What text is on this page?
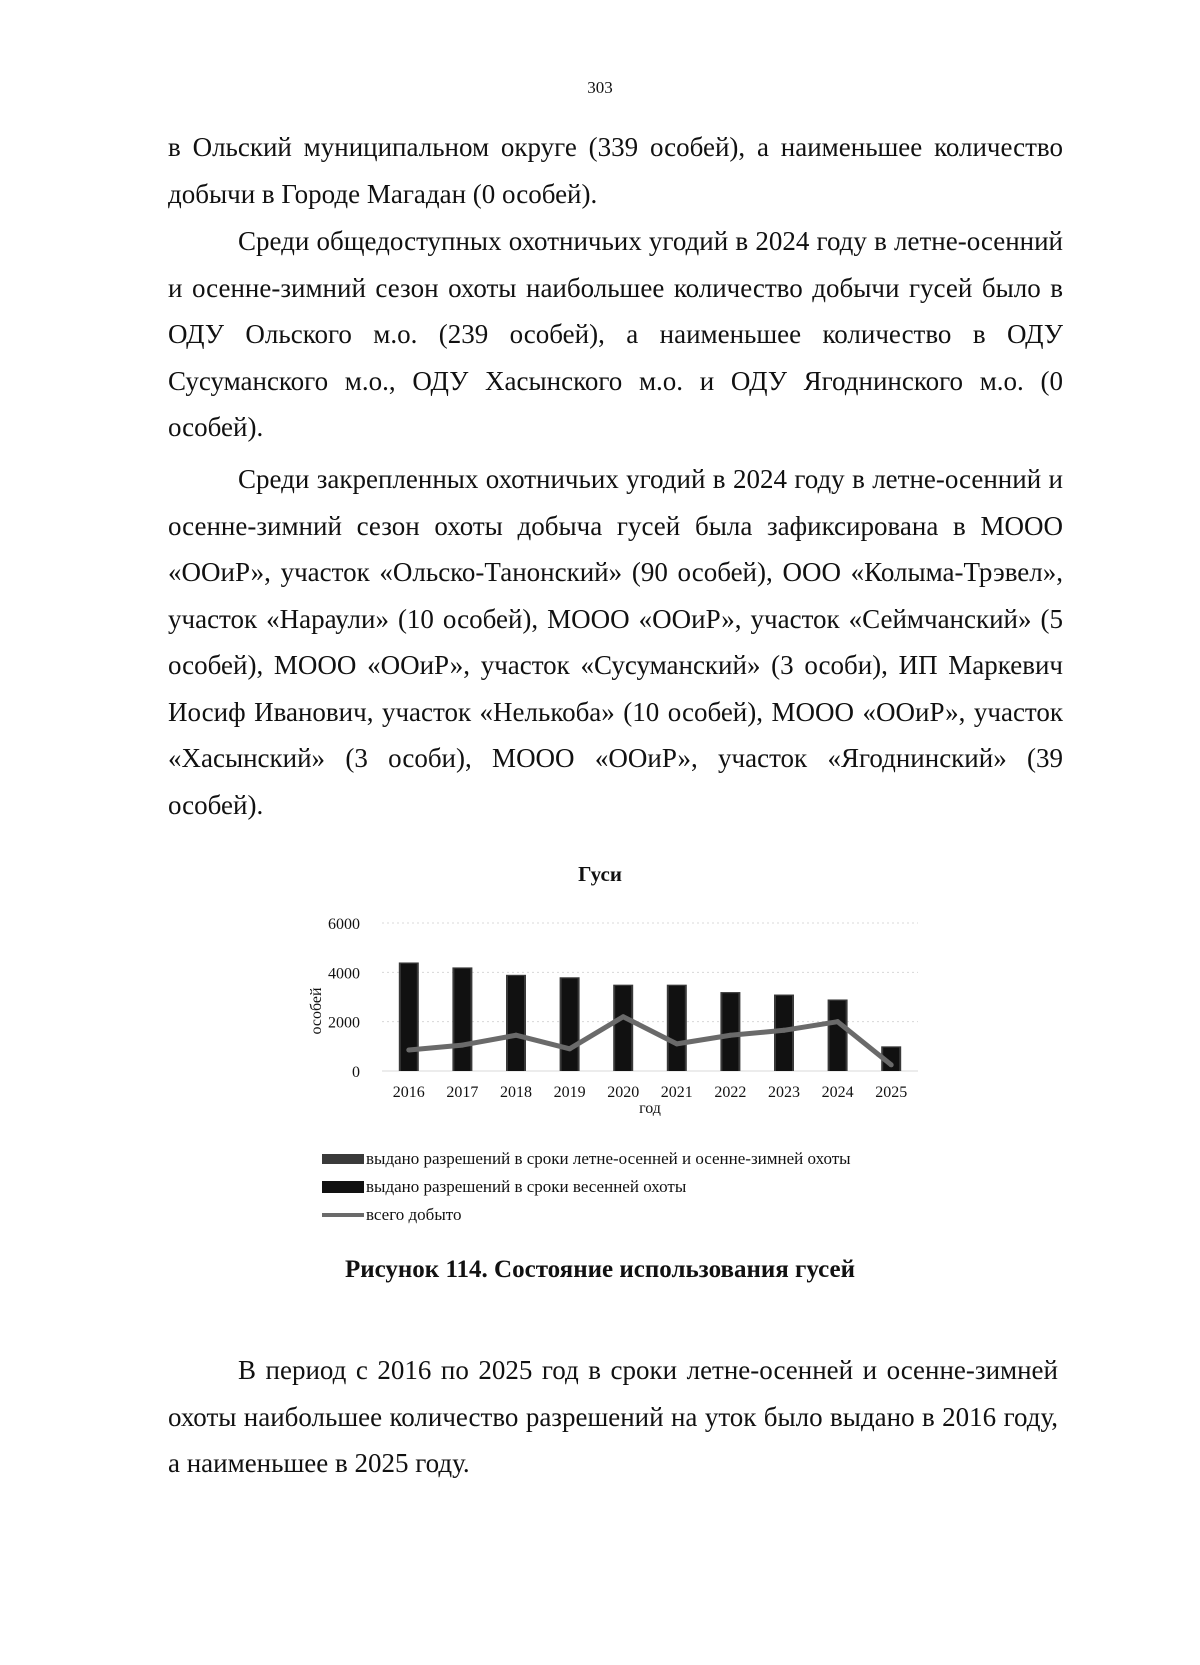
303

в Ольский муниципальном округе (339 особей), а наименьшее количество добычи в Городе Магадан (0 особей).

Среди общедоступных охотничьих угодий в 2024 году в летне-осенний и осенне-зимний сезон охоты наибольшее количество добычи гусей было в ОДУ Ольского м.о. (239 особей), а наименьшее количество в ОДУ Сусуманского м.о., ОДУ Хасынского м.о. и ОДУ Ягоднинского м.о. (0 особей).

Среди закрепленных охотничьих угодий в 2024 году в летне-осенний и осенне-зимний сезон охоты добыча гусей была зафиксирована в МООО «ООиР», участок «Ольско-Танонский» (90 особей), ООО «Колыма-Трэвел», участок «Нараули» (10 особей), МООО «ООиР», участок «Сеймчанский» (5 особей), МООО «ООиР», участок «Сусуманский» (3 особи), ИП Маркевич Иосиф Иванович, участок «Нелькоба» (10 особей), МООО «ООиР», участок «Хасынский» (3 особи), МООО «ООиР», участок «Ягоднинский» (39 особей).

Гуси
особей
год
0
2000
4000
6000
2016 2017 2018 2019 2020 2021 2022 2023 2024 2025
выдано разрешений в сроки летне-осенней и осенне-зимней охоты
выдано разрешений в сроки весенней охоты
всего добыто
Рисунок 114. Состояние использования гусей

В период с 2016 по 2025 год в сроки летне-осенней и осенне-зимней охоты наибольшее количество разрешений на уток было выдано в 2016 году, а наименьшее в 2025 году.
